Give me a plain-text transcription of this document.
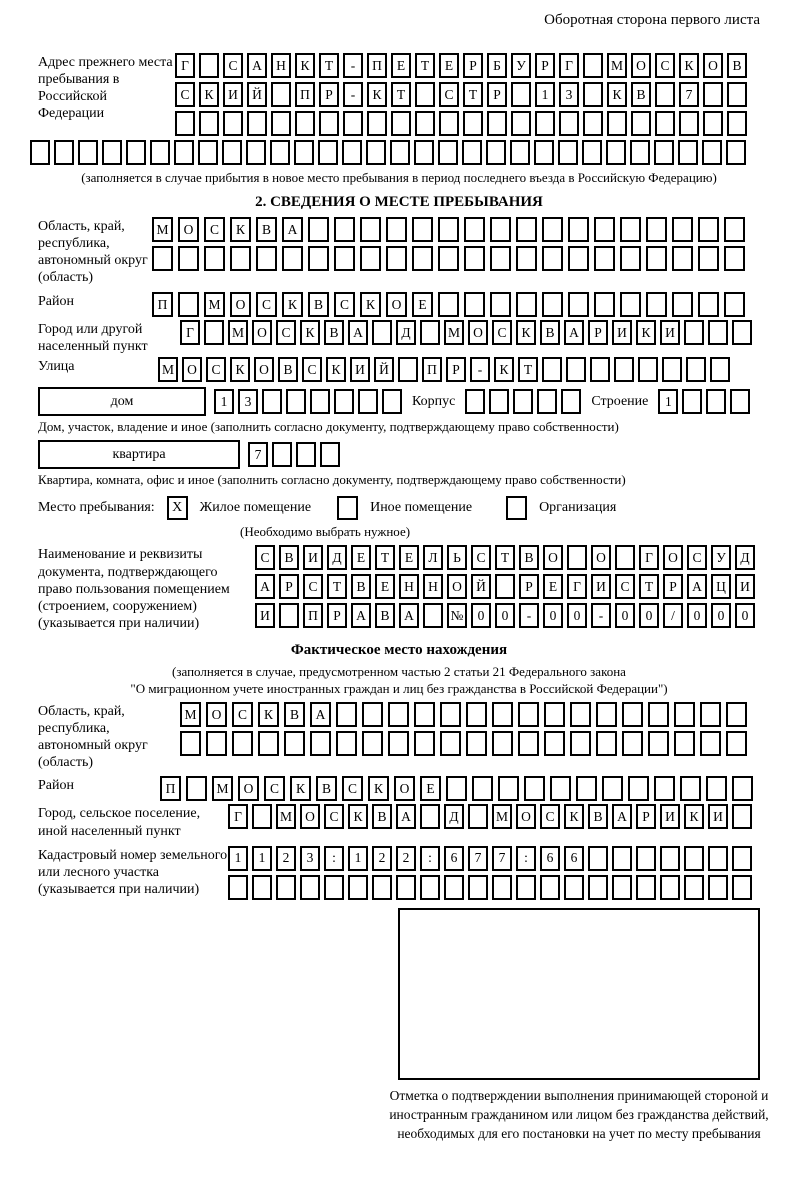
Оборотная сторона первого листа
Адрес прежнего места пребывания в Российской Федерации
Г	С	А	Н	К	Т	-	П	Е	Т	Е	Р	Б	У	Р	Г	М О	С	К	О	В
С	К	И	Й	П	Р	-	К	Т	С	Т	Р	1	3	К	В	7
(заполняется в случае прибытия в новое место пребывания в период последнего въезда в Российскую Федерацию)
2. СВЕДЕНИЯ О МЕСТЕ ПРЕБЫВАНИЯ
Область, край, республика, автономный округ (область)
М	О	С	К	В	А
Район	П	М	О	С	К	В	С	К	О	Е
Город или другой населенный пункт
Г	М О	С	К	В	А	Д	М О	С	К	В	А	Р	И	К	И
Улица	М О	С	К	О	В	С	К	И	Й	П	Р	-	К	Т
дом	1	3	Корпус	Строение	1
Дом, участок, владение и иное (заполнить согласно документу, подтверждающему право собственности)
квартира	7
Квартира, комната, офис и иное (заполнить согласно документу, подтверждающему право собственности)
Место пребывания:	X	Жилое помещение	Иное помещение	Организация
(Необходимо выбрать нужное)
Наименование и реквизиты документа, подтверждающего право пользования помещением (строением, сооружением) (указывается при наличии)
С	В	И	Д	Е	Т	Е	Л	Ь	С	Т	В	О	О	Г	О	С	У	Д
А	Р	С	Т	В	Е	Н	Н	О	Й	Р	Е	Г	И	С	Т	Р	А	Ц	И
И	П	Р	А	В	А	№	0	0	-	0	0	-	0	0	/	0	0	0
Фактическое место нахождения
(заполняется в случае, предусмотренном частью 2 статьи 21 Федерального закона
"О миграционном учете иностранных граждан и лиц без гражданства в Российской Федерации")
Область, край, республика, автономный округ (область)
М	О	С	К	В	А
Район	П	М	О	С	К	В	С	К	О	Е
Город, сельское поселение, иной населенный пункт
Г	М О	С	К	В	А	Д	М О	С	К	В	А	Р	И	К	И
Кадастровый номер земельного или лесного участка (указывается при наличии)
1	1	2	3	:	1	2	2	:	6	7	7	:	6	6
Отметка о подтверждении выполнения принимающей стороной и иностранным гражданином или лицом без гражданства действий, необходимых для его постановки на учет по месту пребывания
